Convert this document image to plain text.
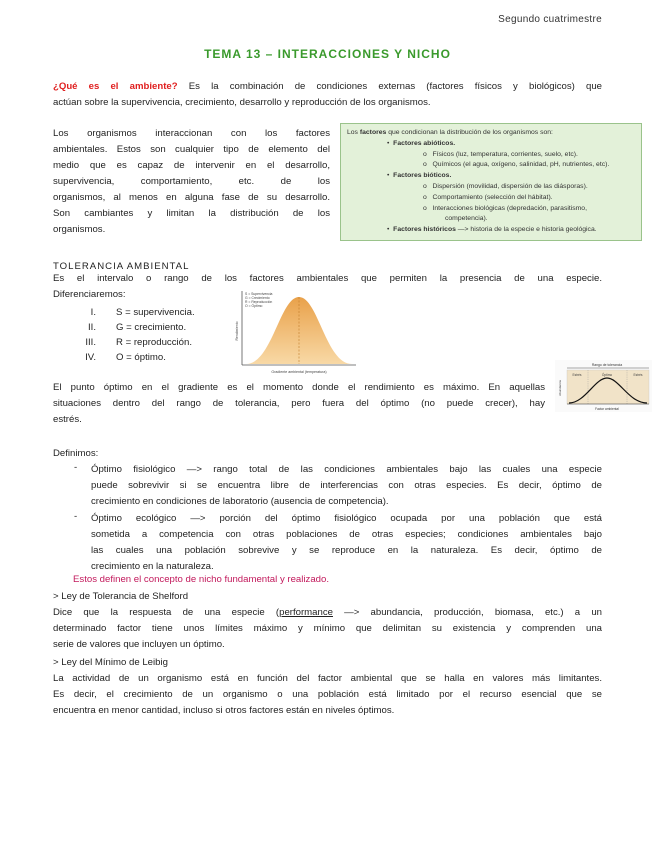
Segundo cuatrimestre
TEMA 13 – INTERACCIONES Y NICHO
¿Qué es el ambiente? Es la combinación de condiciones externas (factores físicos y biológicos) que
actúan sobre la supervivencia, crecimiento, desarrollo y reproducción de los organismos.
Los organismos interaccionan con los factores
ambientales. Estos son cualquier tipo de elemento del
medio que es capaz de intervenir en el desarrollo,
supervivencia, comportamiento, etc. de los
organismos, al menos en alguna fase de su desarrollo.
Son cambiantes y limitan la distribución de los
organismos.
Los factores que condicionan la distribución de los organismos son:
•  Factores abióticos.
o   Físicos (luz, temperatura, corrientes, suelo, etc).
o   Químicos (el agua, oxígeno, salinidad, pH, nutrientes, etc).
•  Factores bióticos.
o   Dispersión (movilidad, dispersión de las diásporas).
o   Comportamiento (selección del hábitat).
o   Interacciones biológicas (depredación, parasitismo,
competencia).
•  Factores históricos —> historia de la especie e historia geológica.
TOLERANCIA AMBIENTAL
Es el intervalo o rango de los factores ambientales que permiten la presencia de una especie.
Diferenciaremos:
I.	S = supervivencia.
II.	G = crecimiento.
III.	R = reproducción.
IV.	O = óptimo.
S = Supervivencia
G = Crecimiento
R = Reproducción
O = Óptimo
Rendimiento
Gradiente ambiental (temperatura)
Rango de tolerancia
Estrés	Óptimo	Estrés
Factor ambiental
Abundancia
El punto óptimo en el gradiente es el momento donde el rendimiento es máximo. En aquellas
situaciones dentro del rango de tolerancia, pero fuera del óptimo (no puede crecer), hay
estrés.
Definimos:
- Óptimo fisiológico —> rango total de las condiciones ambientales bajo las cuales una especie
puede sobrevivir si se encuentra libre de interferencias con otras especies. Es decir, óptimo de
crecimiento en condiciones de laboratorio (ausencia de competencia).
- Óptimo ecológico —> porción del óptimo fisiológico ocupada por una población que está
sometida a competencia con otras poblaciones de otras especies; condiciones ambientales bajo
las cuales una población sobrevive y se reproduce en la naturaleza. Es decir, óptimo de
crecimiento en la naturaleza.
Estos definen el concepto de nicho fundamental y realizado.
> Ley de Tolerancia de Shelford
Dice que la respuesta de una especie (performance —> abundancia, producción, biomasa, etc.) a un
determinado factor tiene unos límites máximo y mínimo que delimitan su existencia y comprenden una
serie de valores que incluyen un óptimo.
> Ley del Mínimo de Leibig
La actividad de un organismo está en función del factor ambiental que se halla en valores más limitantes.
Es decir, el crecimiento de un organismo o una población está limitado por el recurso esencial que se
encuentra en menor cantidad, incluso si otros factores están en niveles óptimos.
